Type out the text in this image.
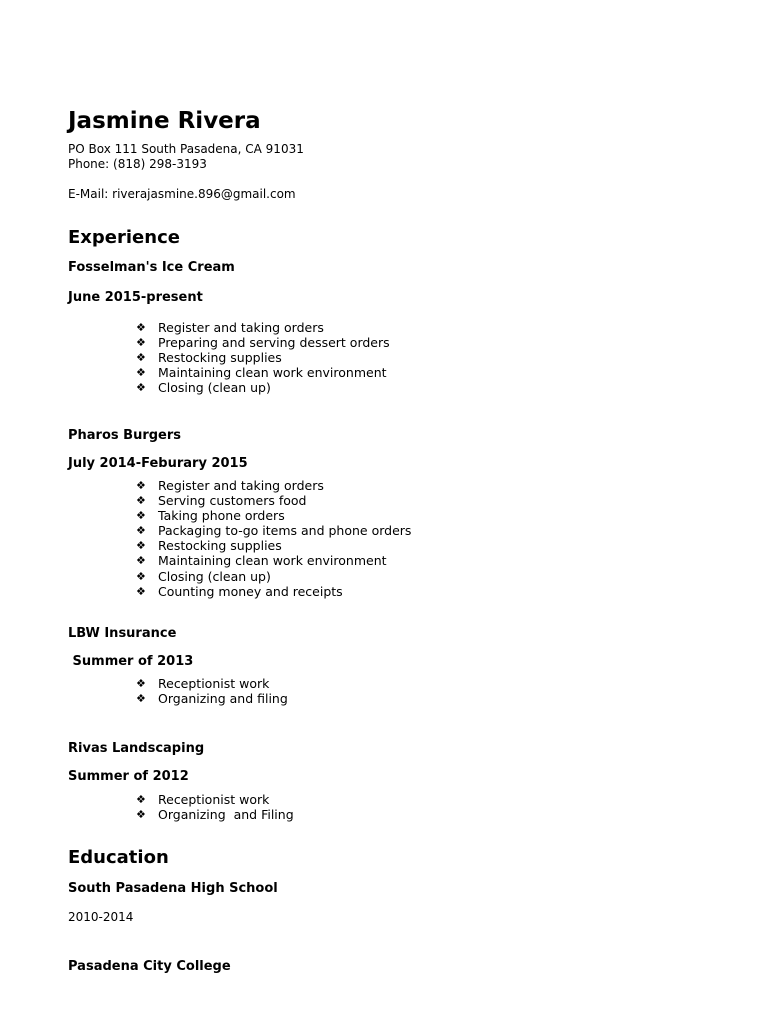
Jasmine Rivera
PO Box 111 South Pasadena, CA 91031
Phone: (818) 298-3193
E-Mail: riverajasmine.896@gmail.com
Experience
Fosselman's Ice Cream
June 2015-present
❖ Register and taking orders
❖ Preparing and serving dessert orders
❖ Restocking supplies
❖ Maintaining clean work environment
❖ Closing (clean up)
Pharos Burgers
July 2014-Feburary 2015
❖ Register and taking orders
❖ Serving customers food
❖ Taking phone orders
❖ Packaging to-go items and phone orders
❖ Restocking supplies
❖ Maintaining clean work environment
❖ Closing (clean up)
❖ Counting money and receipts
LBW Insurance
Summer of 2013
❖ Receptionist work
❖ Organizing and filing
Rivas Landscaping
Summer of 2012
❖ Receptionist work
❖ Organizing  and Filing
Education
South Pasadena High School
2010-2014
Pasadena City College
